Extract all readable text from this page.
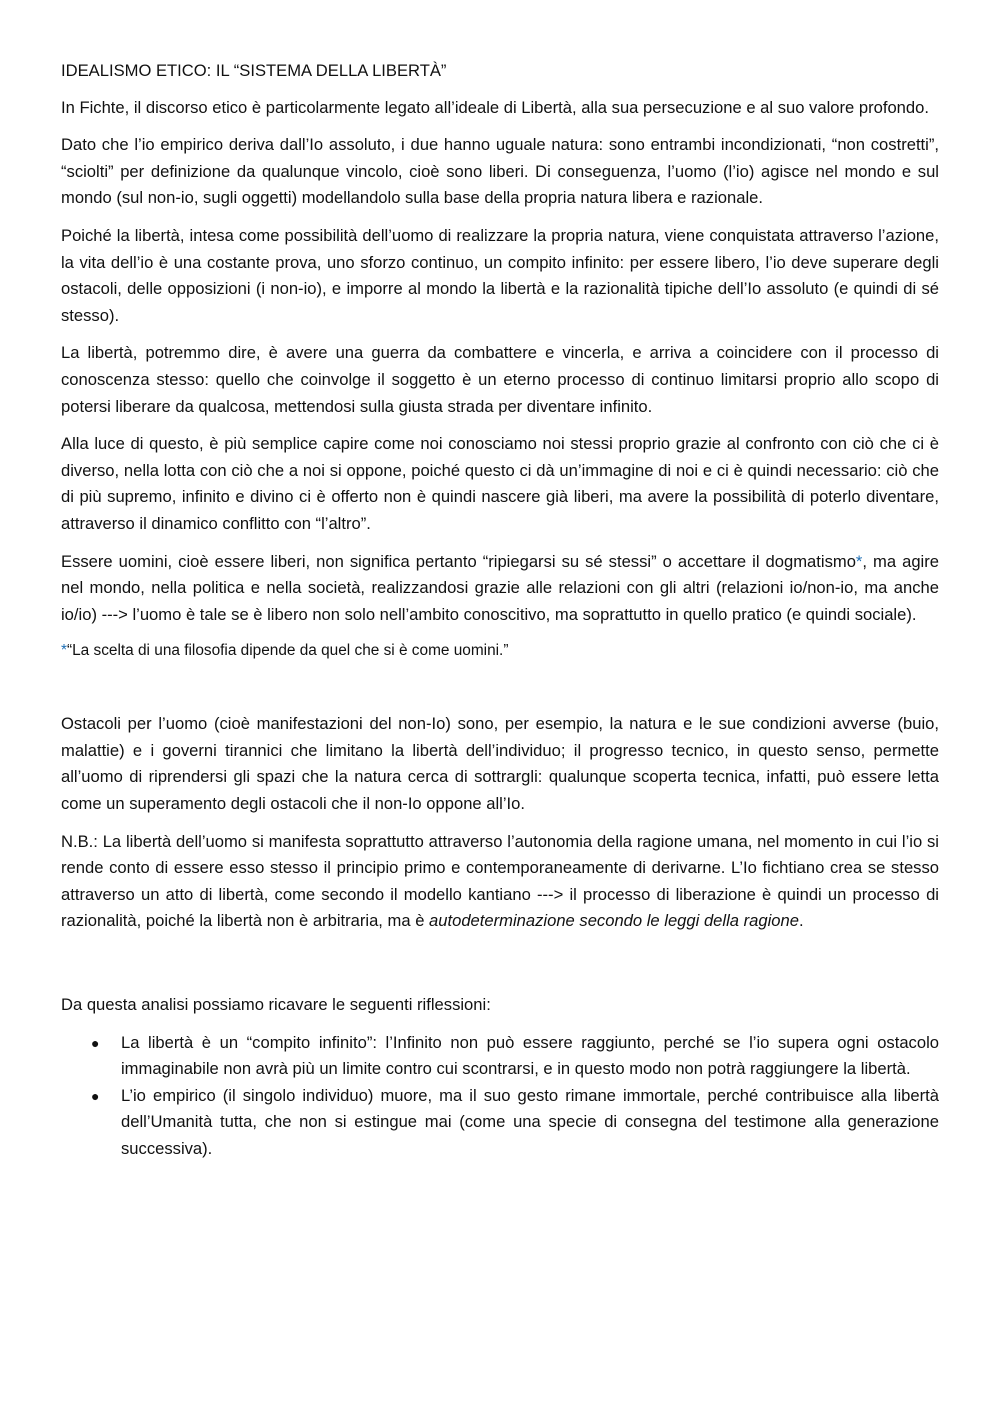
IDEALISMO ETICO: IL “SISTEMA DELLA LIBERTÀ”

In Fichte, il discorso etico è particolarmente legato all’ideale di Libertà, alla sua persecuzione e al suo valore profondo.

Dato che l’io empirico deriva dall’Io assoluto, i due hanno uguale natura: sono entrambi incondizionati, “non costretti”, “sciolti” per definizione da qualunque vincolo, cioè sono liberi. Di conseguenza, l’uomo (l’io) agisce nel mondo e sul mondo (sul non-io, sugli oggetti) modellandolo sulla base della propria natura libera e razionale.

Poiché la libertà, intesa come possibilità dell’uomo di realizzare la propria natura, viene conquistata attraverso l’azione, la vita dell’io è una costante prova, uno sforzo continuo, un compito infinito: per essere libero, l’io deve superare degli ostacoli, delle opposizioni (i non-io), e imporre al mondo la libertà e la razionalità tipiche dell’Io assoluto (e quindi di sé stesso).

La libertà, potremmo dire, è avere una guerra da combattere e vincerla, e arriva a coincidere con il processo di conoscenza stesso: quello che coinvolge il soggetto è un eterno processo di continuo limitarsi proprio allo scopo di potersi liberare da qualcosa, mettendosi sulla giusta strada per diventare infinito.

Alla luce di questo, è più semplice capire come noi conosciamo noi stessi proprio grazie al confronto con ciò che ci è diverso, nella lotta con ciò che a noi si oppone, poiché questo ci dà un’immagine di noi e ci è quindi necessario: ciò che di più supremo, infinito e divino ci è offerto non è quindi nascere già liberi, ma avere la possibilità di poterlo diventare, attraverso il dinamico conflitto con “l’altro”.

Essere uomini, cioè essere liberi, non significa pertanto “ripiegarsi su sé stessi” o accettare il dogmatismo*, ma agire nel mondo, nella politica e nella società, realizzandosi grazie alle relazioni con gli altri (relazioni io/non-io, ma anche io/io) ---> l’uomo è tale se è libero non solo nell’ambito conoscitivo, ma soprattutto in quello pratico (e quindi sociale).

*“La scelta di una filosofia dipende da quel che si è come uomini.”

Ostacoli per l’uomo (cioè manifestazioni del non-Io) sono, per esempio, la natura e le sue condizioni avverse (buio, malattie) e i governi tirannici che limitano la libertà dell’individuo; il progresso tecnico, in questo senso, permette all’uomo di riprendersi gli spazi che la natura cerca di sottrargli: qualunque scoperta tecnica, infatti, può essere letta come un superamento degli ostacoli che il non-Io oppone all’Io.

N.B.: La libertà dell’uomo si manifesta soprattutto attraverso l’autonomia della ragione umana, nel momento in cui l’io si rende conto di essere esso stesso il principio primo e contemporaneamente di derivarne. L’Io fichtiano crea se stesso attraverso un atto di libertà, come secondo il modello kantiano ---> il processo di liberazione è quindi un processo di razionalità, poiché la libertà non è arbitraria, ma è autodeterminazione secondo le leggi della ragione.

Da questa analisi possiamo ricavare le seguenti riflessioni:

● La libertà è un “compito infinito”: l’Infinito non può essere raggiunto, perché se l’io supera ogni ostacolo immaginabile non avrà più un limite contro cui scontrarsi, e in questo modo non potrà raggiungere la libertà.
● L’io empirico (il singolo individuo) muore, ma il suo gesto rimane immortale, perché contribuisce alla libertà dell’Umanità tutta, che non si estingue mai (come una specie di consegna del testimone alla generazione successiva).
